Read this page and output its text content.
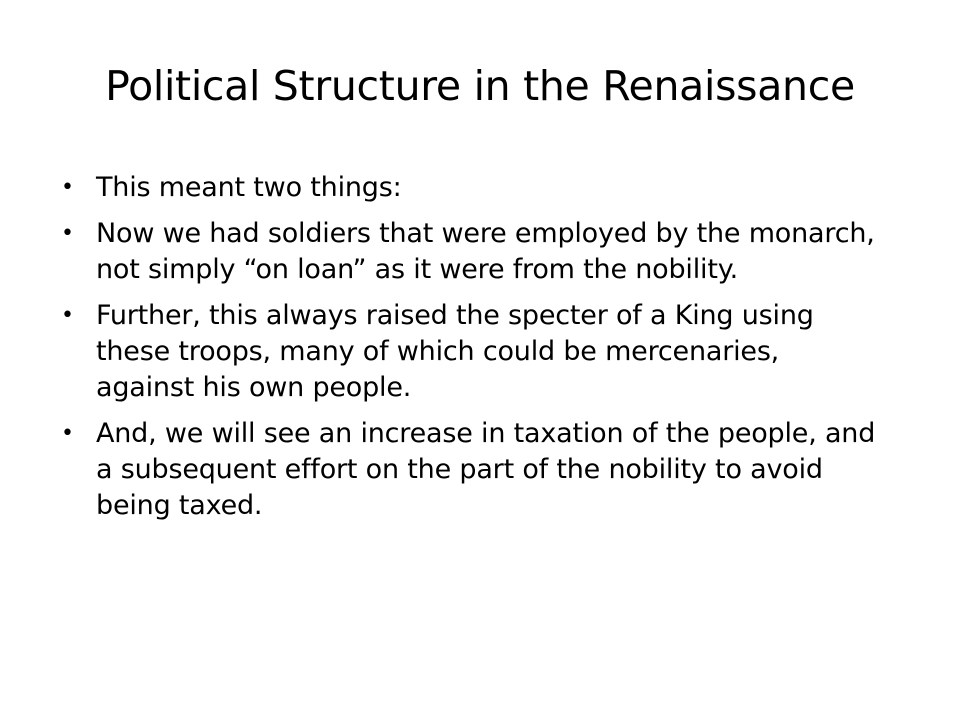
Political Structure in the Renaissance
• This meant two things:
• Now we had soldiers that were employed by the monarch, not simply “on loan” as it were from the nobility.
• Further, this always raised the specter of a King using these troops, many of which could be mercenaries, against his own people.
• And, we will see an increase in taxation of the people, and a subsequent effort on the part of the nobility to avoid being taxed.
